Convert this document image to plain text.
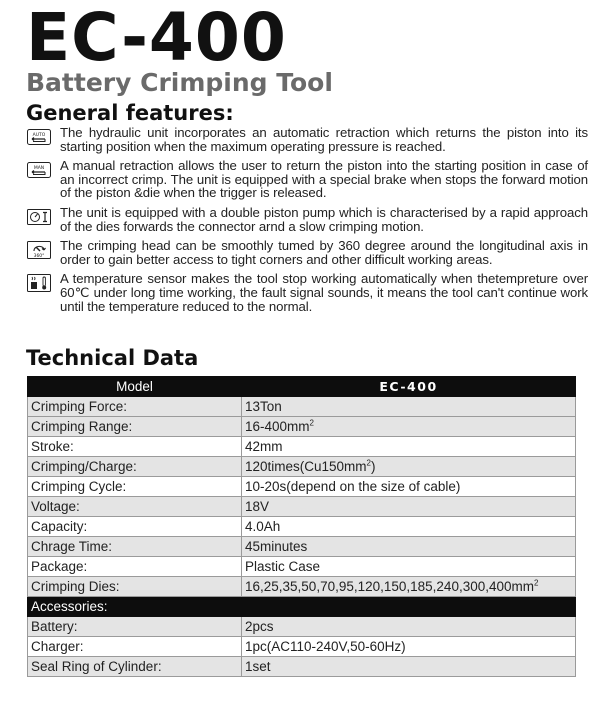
EC-400
Battery Crimping Tool
General features:
AUTO The hydraulic unit incorporates an automatic retraction which returns the piston into its starting position when the maximum operating pressure is reached.
MAN A manual retraction allows the user to return the piston into the starting position in case of an incorrect crimp. The unit is equipped with a special brake when stops the forward motion of the piston &die when the trigger is released.
The unit is equipped with a double piston pump which is characterised by a rapid approach of the dies forwards the connector arnd a slow crimping motion.
360°
The crimping head can be smoothly tumed by 360 degree around the longitudinal axis in order to gain better access to tight corners and other difficult working areas.
A temperature sensor makes the tool stop working automatically when thetempreture over 60℃ under long time working, the fault signal sounds, it means the tool can't continue work until the temperature reduced to the normal.
Technical Data
Model	EC-400
Crimping Force:	13Ton
Crimping Range:	$16-400mm^2$
Stroke:	42mm
Crimping/Charge:	$120times(Cu150mm^2)$
Crimping Cycle:	10-20s(depend on the size of cable)
Voltage:	18V
Capacity:	4.0Ah
Chrage Time:	45minutes
Package:	Plastic Case
Crimping Dies:	$16,25,35,50,70,95,120,150,185,240,300,400mm^2$
Accessories:	
Battery:	2pcs
Charger:	1pc(AC110-240V,50-60Hz)
Seal Ring of Cylinder:	1set
